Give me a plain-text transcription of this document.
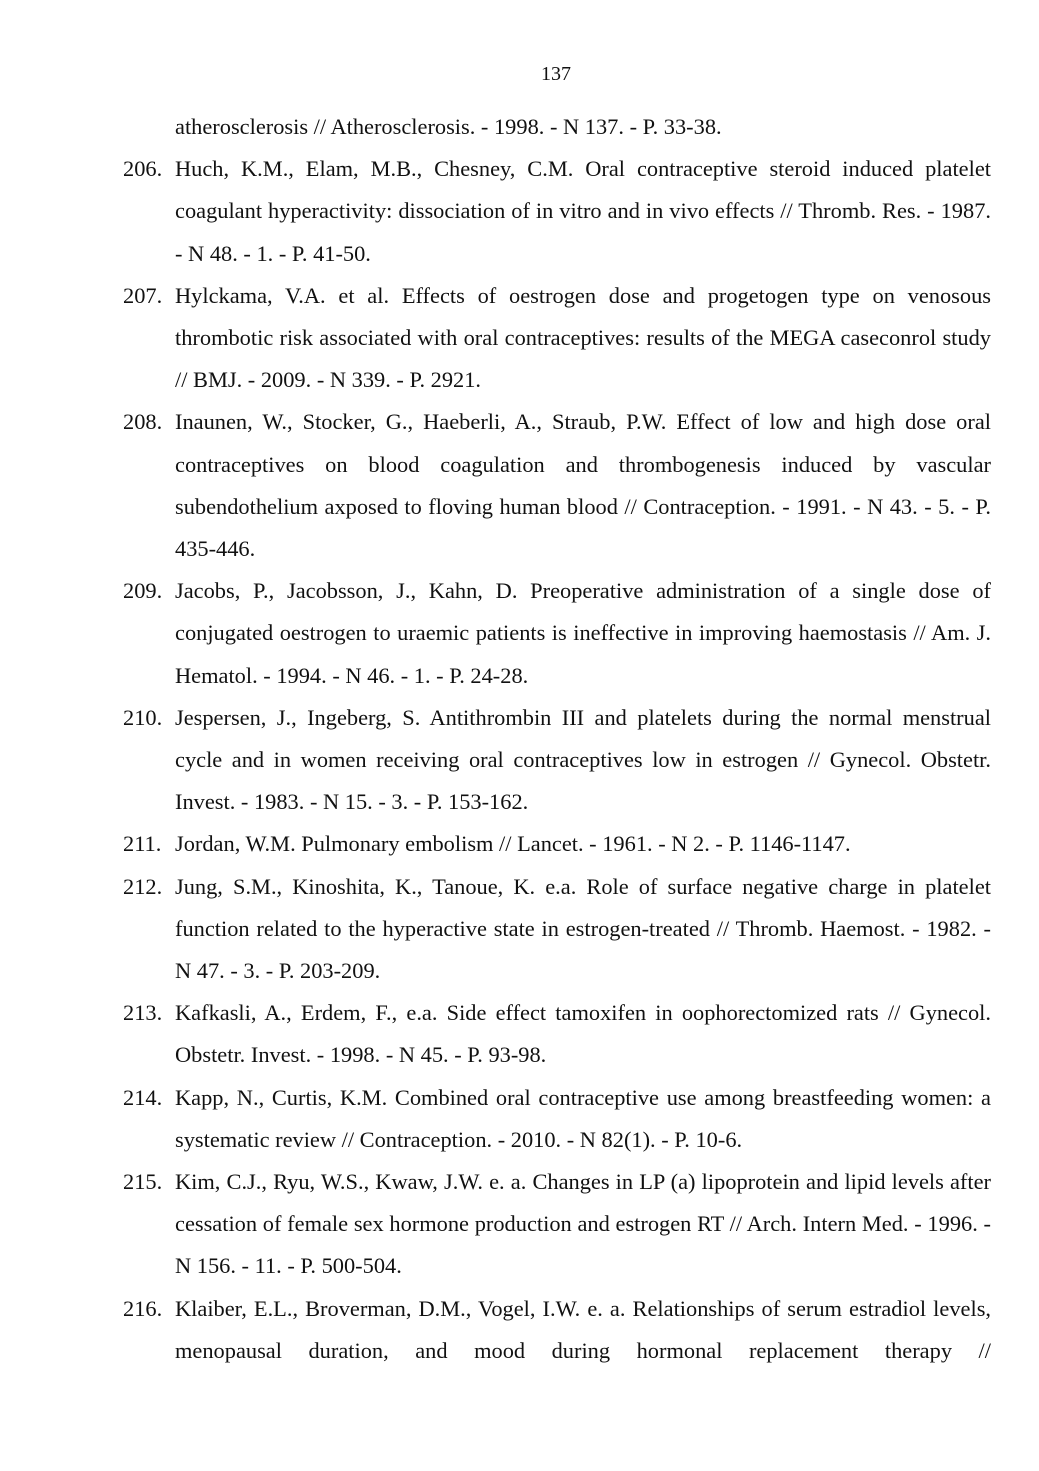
137

atherosclerosis // Atherosclerosis. - 1998. - N 137. - P. 33-38.

206. Huch, K.M., Elam, M.B., Chesney, C.M. Oral contraceptive steroid induced platelet coagulant hyperactivity: dissociation of in vitro and in vivo effects // Thromb. Res. - 1987. - N 48. - 1. - P. 41-50.

207. Hylckama, V.A. et al. Effects of oestrogen dose and progetogen type on venosous thrombotic risk associated with oral contraceptives: results of the MEGA caseconrol study // BMJ. - 2009. - N 339. - P. 2921.

208. Inaunen, W., Stocker, G., Haeberli, A., Straub, P.W. Effect of low and high dose oral contraceptives on blood coagulation and thrombogenesis induced by vascular subendothelium axposed to floving human blood // Contraception. - 1991. - N 43. - 5. - P. 435-446.

209. Jacobs, P., Jacobsson, J., Kahn, D. Preoperative administration of a single dose of conjugated oestrogen to uraemic patients is ineffective in improving haemostasis // Am. J. Hematol. - 1994. - N 46. - 1. - P. 24-28.

210. Jespersen, J., Ingeberg, S. Antithrombin III and platelets during the normal menstrual cycle and in women receiving oral contraceptives low in estrogen // Gynecol. Obstetr. Invest. - 1983. - N 15. - 3. - P. 153-162.

211. Jordan, W.M. Pulmonary embolism // Lancet. - 1961. - N 2. - P. 1146-1147.

212. Jung, S.M., Kinoshita, K., Tanoue, K. e.a. Role of surface negative charge in platelet function related to the hyperactive state in estrogen-treated // Thromb. Haemost. - 1982. - N 47. - 3. - P. 203-209.

213. Kafkasli, A., Erdem, F., e.a. Side effect tamoxifen in oophorectomized rats // Gynecol. Obstetr. Invest. - 1998. - N 45. - P. 93-98.

214. Kapp, N., Curtis, K.M. Combined oral contraceptive use among breastfeeding women: a systematic review // Contraception. - 2010. - N 82(1). - P. 10-6.

215. Kim, C.J., Ryu, W.S., Kwaw, J.W. e. a. Changes in LP (a) lipoprotein and lipid levels after cessation of female sex hormone production and estrogen RT // Arch. Intern Med. - 1996. - N 156. - 11. - P. 500-504.

216. Klaiber, E.L., Broverman, D.M., Vogel, I.W. e. a. Relationships of serum estradiol levels, menopausal duration, and mood during hormonal replacement therapy //
